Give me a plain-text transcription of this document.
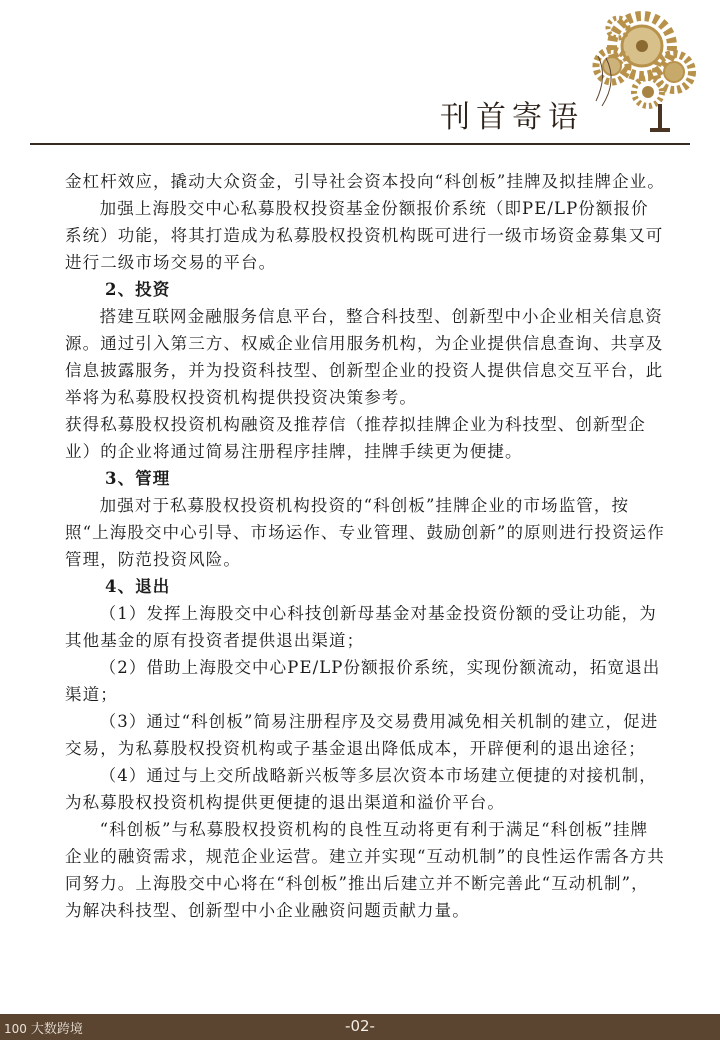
刊首寄语

金杠杆效应，撬动大众资金，引导社会资本投向“科创板”挂牌及拟挂牌企业。

加强上海股交中心私募股权投资基金份额报价系统（即PE/LP份额报价系统）功能，将其打造成为私募股权投资机构既可进行一级市场资金募集又可进行二级市场交易的平台。

2、投资

搭建互联网金融服务信息平台，整合科技型、创新型中小企业相关信息资源。通过引入第三方、权威企业信用服务机构，为企业提供信息查询、共享及信息披露服务，并为投资科技型、创新型企业的投资人提供信息交互平台，此举将为私募股权投资机构提供投资决策参考。

获得私募股权投资机构融资及推荐信（推荐拟挂牌企业为科技型、创新型企业）的企业将通过简易注册程序挂牌，挂牌手续更为便捷。

3、管理

加强对于私募股权投资机构投资的“科创板”挂牌企业的市场监管，按照“上海股交中心引导、市场运作、专业管理、鼓励创新”的原则进行投资运作管理，防范投资风险。

4、退出

（1）发挥上海股交中心科技创新母基金对基金投资份额的受让功能，为其他基金的原有投资者提供退出渠道；

（2）借助上海股交中心PE/LP份额报价系统，实现份额流动，拓宽退出渠道；

（3）通过“科创板”简易注册程序及交易费用减免相关机制的建立，促进交易，为私募股权投资机构或子基金退出降低成本，开辟便利的退出途径；

（4）通过与上交所战略新兴板等多层次资本市场建立便捷的对接机制，为私募股权投资机构提供更便捷的退出渠道和溢价平台。

“科创板”与私募股权投资机构的良性互动将更有利于满足“科创板”挂牌企业的融资需求，规范企业运营。建立并实现“互动机制”的良性运作需各方共同努力。上海股交中心将在“科创板”推出后建立并不断完善此“互动机制”，为解决科技型、创新型中小企业融资问题贡献力量。

100 大数跨境	-02-
